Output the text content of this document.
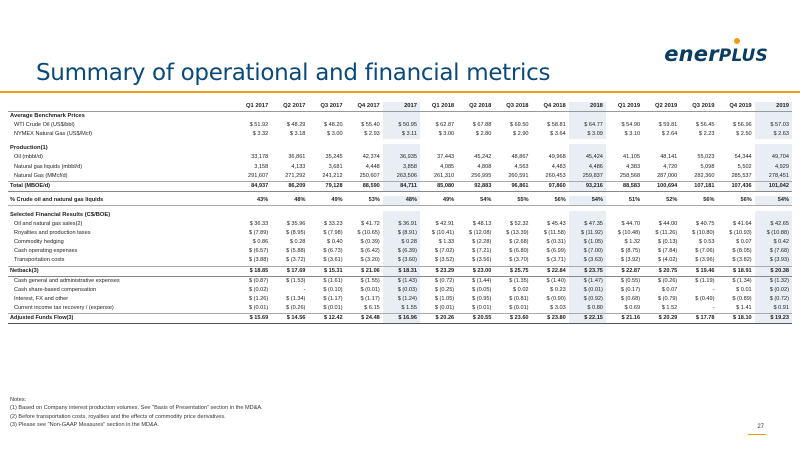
enerPLUS
Summary of operational and financial metrics
	Q1 2017	Q2 2017	Q3 2017	Q4 2017	2017	Q1 2018	Q2 2018	Q3 2018	Q4 2018	2018	Q1 2019	Q2 2019	Q3 2019	Q4 2019	2019
Average Benchmark Prices															
WTI Crude Oil (US$/bbl)	$ 51.92	$ 48.29	$ 48.20	$ 55.40	$ 50.95	$ 62.87	$ 67.88	$ 69.50	$ 58.81	$ 64.77	$ 54.90	$ 59.81	$ 56.45	$ 56.96	$ 57.03
NYMEX Natural Gas (US$/Mcf)	$ 3.32	$ 3.18	$ 3.00	$ 2.93	$ 3.11	$ 3.00	$ 2.80	$ 2.90	$ 3.64	$ 3.09	$ 3.10	$ 2.64	$ 2.23	$ 2.50	$ 2.63

Production(1)															
Oil (mbbl/d)	33,178	36,861	35,245	42,374	36,935	37,443	45,242	48,867	49,968	45,424	41,105	48,141	55,023	54,344	49,704
Natural gas liquids (mbbl/d)	3,158	4,133	3,681	4,448	3,858	4,085	4,808	4,563	4,483	4,486	4,383	4,720	5,098	5,502	4,929
Natural Gas (MMcf/d)	291,607	271,292	241,212	250,607	263,506	261,310	256,995	260,591	260,453	259,837	258,568	287,000	282,360	285,537	278,451
Total (MBOE/d)	84,937	86,209	79,128	88,590	84,711	85,080	92,883	96,861	97,860	93,216	88,583	100,694	107,181	107,436	101,042

% Crude oil and natural gas liquids	43%	48%	49%	53%	48%	49%	54%	55%	56%	54%	51%	52%	56%	56%	54%

Selected Financial Results (C$/BOE)															
Oil and natural gas sales(2)	$ 36.33	$ 35.96	$ 33.23	$ 41.72	$ 36.91	$ 42.91	$ 48.13	$ 52.32	$ 45.43	$ 47.35	$ 44.70	$ 44.00	$ 40.75	$ 41.64	$ 42.65
Royalties and production taxes	$ (7.89)	$ (8.95)	$ (7.98)	$ (10.65)	$ (8.91)	$ (10.41)	$ (12.08)	$ (13.39)	$ (11.58)	$ (11.92)	$ (10.48)	$ (11.26)	$ (10.80)	$ (10.93)	$ (10.88)
Commodity hedging	$ 0.86	$ 0.28	$ 0.40	$ (0.39)	$ 0.28	$ 1.33	$ (2.28)	$ (2.68)	$ (0.31)	$ (1.05)	$ 1.32	$ (0.13)	$ 0.53	$ 0.07	$ 0.42
Cash operating expenses	$ (6.57)	$ (5.88)	$ (6.73)	$ (6.42)	$ (6.39)	$ (7.02)	$ (7.21)	$ (6.80)	$ (6.99)	$ (7.00)	$ (8.75)	$ (7.84)	$ (7.06)	$ (8.05)	$ (7.68)
Transportation costs	$ (3.88)	$ (3.72)	$ (3.61)	$ (3.20)	$ (3.60)	$ (3.52)	$ (3.56)	$ (3.70)	$ (3.71)	$ (3.63)	$ (3.92)	$ (4.02)	$ (3.96)	$ (3.82)	$ (3.93)
Netback(3)	$ 18.85	$ 17.69	$ 15.31	$ 21.06	$ 18.31	$ 23.29	$ 23.00	$ 25.75	$ 22.84	$ 23.75	$ 22.87	$ 20.75	$ 19.46	$ 18.91	$ 20.38
Cash general and administrative expenses	$ (0.87)	$ (1.53)	$ (1.61)	$ (1.55)	$ (1.43)	$ (0.72)	$ (1.44)	$ (1.35)	$ (1.40)	$ (1.47)	$ (0.55)	$ (0.26)	$ (1.19)	$ (1.34)	$ (1.32)
Cash share-based compensation	$ (0.02)	-	$ (0.10)	$ (0.01)	$ (0.03)	$ (0.25)	$ (0.05)	$ 0.02	$ 0.23	$ (0.01)	$ (0.17)	$ 0.07	-	$ 0.01	$ (0.02)
Interest, FX and other	$ (1.26)	$ (1.34)	$ (1.17)	$ (1.17)	$ (1.24)	$ (1.05)	$ (0.95)	$ (0.81)	$ (0.90)	$ (0.92)	$ (0.68)	$ (0.79)	$ (0.49)	$ (0.89)	$ (0.72)
Current income tax recovery / (expense)	$ (0.01)	$ (0.26)	$ (0.01)	$ 6.15	$ 1.55	$ (0.01)	$ (0.01)	$ (0.01)	$ 3.03	$ 0.80	$ 0.69	$ 1.52	-	$ 1.41	$ 0.91
Adjusted Funds Flow(3)	$ 15.69	$ 14.56	$ 12.42	$ 24.48	$ 16.96	$ 20.26	$ 20.55	$ 23.60	$ 23.80	$ 22.15	$ 21.16	$ 20.29	$ 17.78	$ 18.10	$ 19.23
Notes:
(1) Based on Company interest production volumes. See "Basis of Presentation" section in the MD&A.
(2) Before transportation costs, royalties and the effects of commodity price derivatives.
(3) Please see "Non-GAAP Measures" section in the MD&A.	27
